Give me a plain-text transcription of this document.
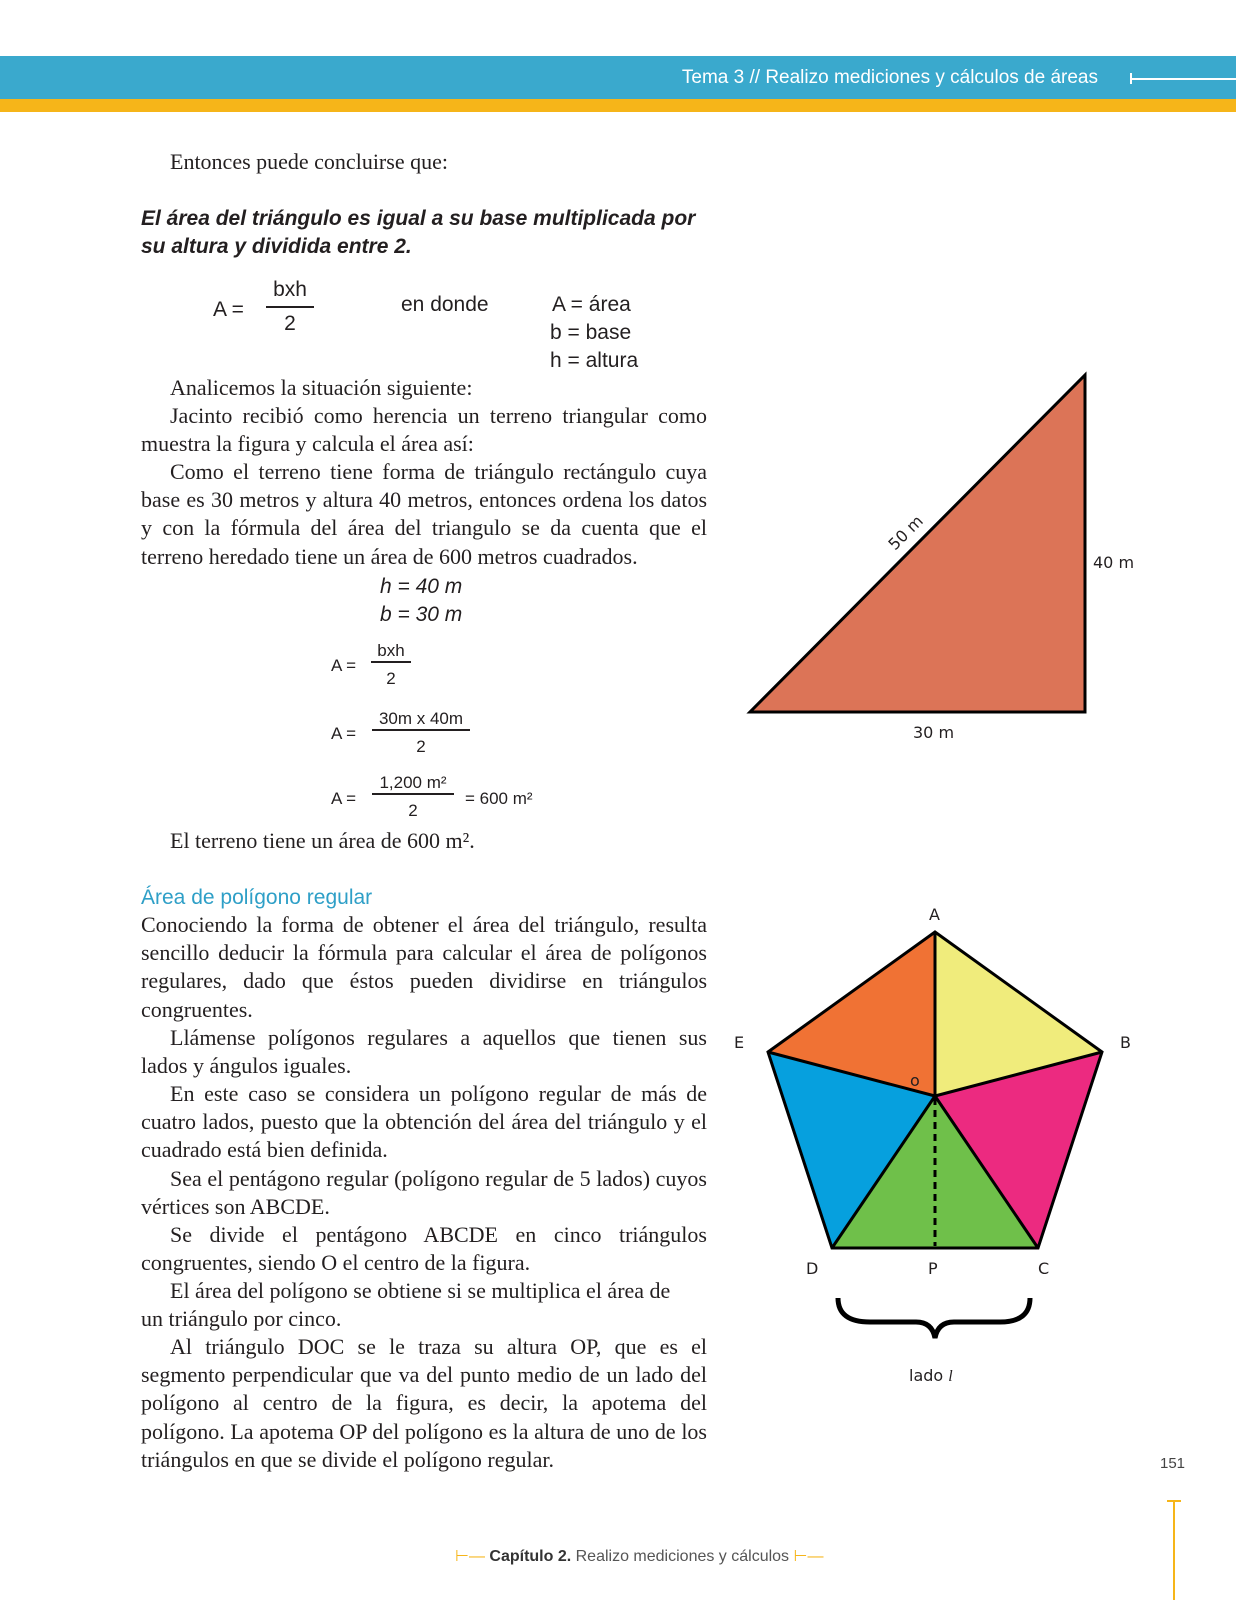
Tema 3 // Realizo mediciones y cálculos de áreas
Entonces puede concluirse que:
El área del triángulo es igual a su base multiplicada por su altura y dividida entre 2.
A =
bxh
2
en donde	A = área
b = base
h = altura
Analicemos la situación siguiente:
Jacinto recibió como herencia un terreno triangular como muestra la figura y calcula el área así:
Como el terreno tiene forma de triángulo rectángulo cuya base es 30 metros y altura 40 metros, entonces ordena los datos y con la fórmula del área del triangulo se da cuenta que el terreno heredado tiene un área de 600 metros cuadrados.
h = 40 m
b = 30 m
A =
bxh
2
A =
30m x 40m
2
A =
1,200 m²
2
= 600 m²
El terreno tiene un área de 600 m².
Área de polígono regular
Conociendo la forma de obtener el área del triángulo, resulta sencillo deducir la fórmula para calcular el área de polígonos regulares, dado que éstos pueden dividirse en triángulos congruentes.
Llámense polígonos regulares a aquellos que tienen sus lados y ángulos iguales.
En este caso se considera un polígono regular de más de cuatro lados, puesto que la obtención del área del triángulo y el cuadrado está bien definida.
Sea el pentágono regular (polígono regular de 5 lados) cuyos vértices son ABCDE.
Se divide el pentágono ABCDE en cinco triángulos congruentes, siendo O el centro de la figura.
El área del polígono se obtiene si se multiplica el área de un triángulo por cinco.
Al triángulo DOC se le traza su altura OP, que es el segmento perpendicular que va del punto medio de un lado del polígono al centro de la figura, es decir, la apotema del polígono. La apotema OP del polígono es la altura de uno de los triángulos en que se divide el polígono regular.
50 m
40 m
30 m
A
B
C
D
E
o
P
lado l
151
⊢— Capítulo 2. Realizo mediciones y cálculos ⊢—
